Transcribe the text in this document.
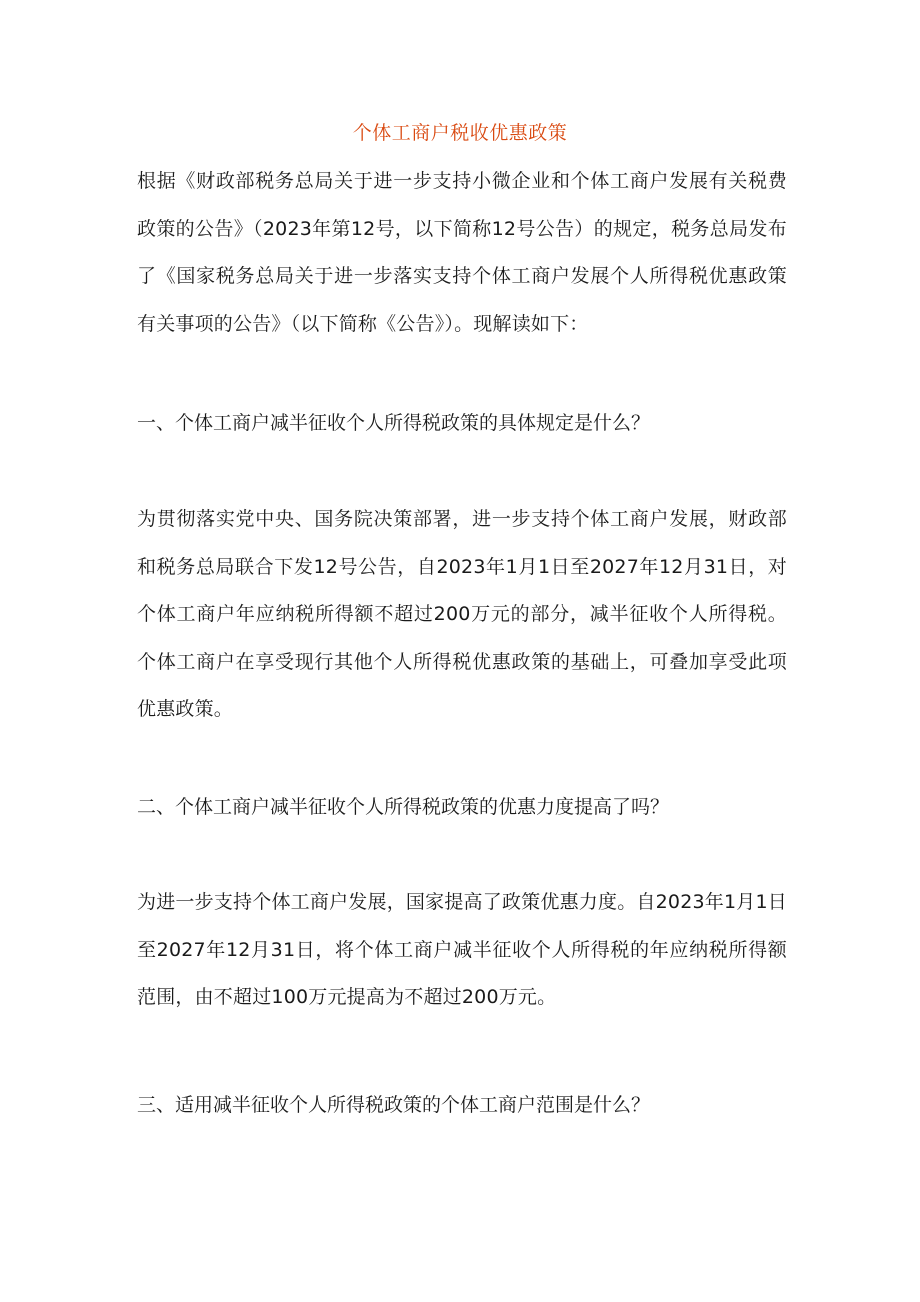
个体工商户税收优惠政策

根据《财政部税务总局关于进一步支持小微企业和个体工商户发展有关税费政策的公告》（2023年第12号，以下简称12号公告）的规定，税务总局发布了《国家税务总局关于进一步落实支持个体工商户发展个人所得税优惠政策有关事项的公告》（以下简称《公告》）。现解读如下：

一、个体工商户减半征收个人所得税政策的具体规定是什么？

为贯彻落实党中央、国务院决策部署，进一步支持个体工商户发展，财政部和税务总局联合下发12号公告，自2023年1月1日至2027年12月31日，对个体工商户年应纳税所得额不超过200万元的部分，减半征收个人所得税。个体工商户在享受现行其他个人所得税优惠政策的基础上，可叠加享受此项优惠政策。

二、个体工商户减半征收个人所得税政策的优惠力度提高了吗？

为进一步支持个体工商户发展，国家提高了政策优惠力度。自2023年1月1日至2027年12月31日，将个体工商户减半征收个人所得税的年应纳税所得额范围，由不超过100万元提高为不超过200万元。

三、适用减半征收个人所得税政策的个体工商户范围是什么？
